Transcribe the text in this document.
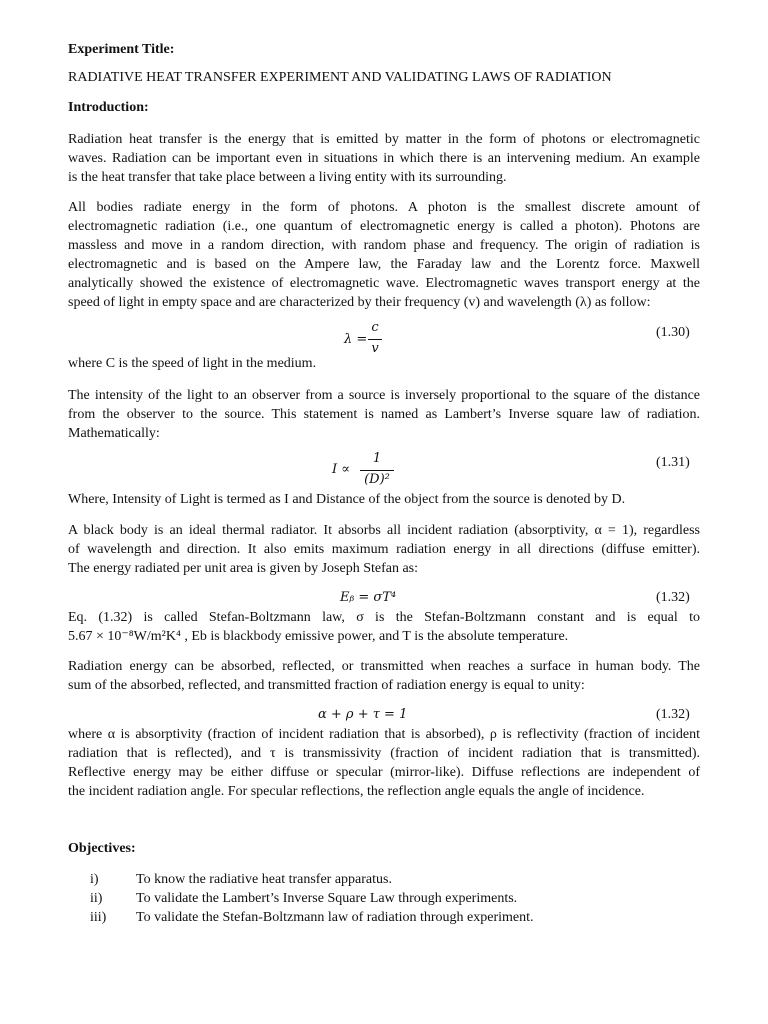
Experiment Title:
RADIATIVE HEAT TRANSFER EXPERIMENT AND VALIDATING LAWS OF RADIATION
Introduction:
Radiation heat transfer is the energy that is emitted by matter in the form of photons or electromagnetic
waves. Radiation can be important even in situations in which there is an intervening medium. An example
is the heat transfer that take place between a living entity with its surrounding.
All bodies radiate energy in the form of photons. A photon is the smallest discrete amount of
electromagnetic radiation (i.e., one quantum of electromagnetic energy is called a photon). Photons are
massless and move in a random direction, with random phase and frequency. The origin of radiation is
electromagnetic and is based on the Ampere law, the Faraday law and the Lorentz force. Maxwell
analytically showed the existence of electromagnetic wave. Electromagnetic waves transport energy at the
speed of light in empty space and are characterized by their frequency (v) and wavelength (λ) as follow:
λ =
c
v
(1.30)
where C is the speed of light in the medium.
The intensity of the light to an observer from a source is inversely proportional to the square of the distance
from the observer to the source. This statement is named as Lambert’s Inverse square law of radiation.
Mathematically:
I ∝
1
(D)²
(1.31)
Where, Intensity of Light is termed as I and Distance of the object from the source is denoted by D.
A black body is an ideal thermal radiator. It absorbs all incident radiation (absorptivity, α = 1), regardless
of wavelength and direction. It also emits maximum radiation energy in all directions (diffuse emitter).
The energy radiated per unit area is given by Joseph Stefan as:
Eᵦ = σT⁴	(1.32)
Eq. (1.32) is called Stefan-Boltzmann law, σ is the Stefan-Boltzmann constant and is equal to
5.67 × 10⁻⁸W/m²K⁴ , Eb is blackbody emissive power, and T is the absolute temperature.
Radiation energy can be absorbed, reflected, or transmitted when reaches a surface in human body. The
sum of the absorbed, reflected, and transmitted fraction of radiation energy is equal to unity:
α + ρ + τ = 1	(1.32)
where α is absorptivity (fraction of incident radiation that is absorbed), ρ is reflectivity (fraction of incident
radiation that is reflected), and τ is transmissivity (fraction of incident radiation that is transmitted).
Reflective energy may be either diffuse or specular (mirror-like). Diffuse reflections are independent of
the incident radiation angle. For specular reflections, the reflection angle equals the angle of incidence.
Objectives:
i)	To know the radiative heat transfer apparatus.
ii) To validate the Lambert’s Inverse Square Law through experiments.
iii) To validate the Stefan-Boltzmann law of radiation through experiment.
